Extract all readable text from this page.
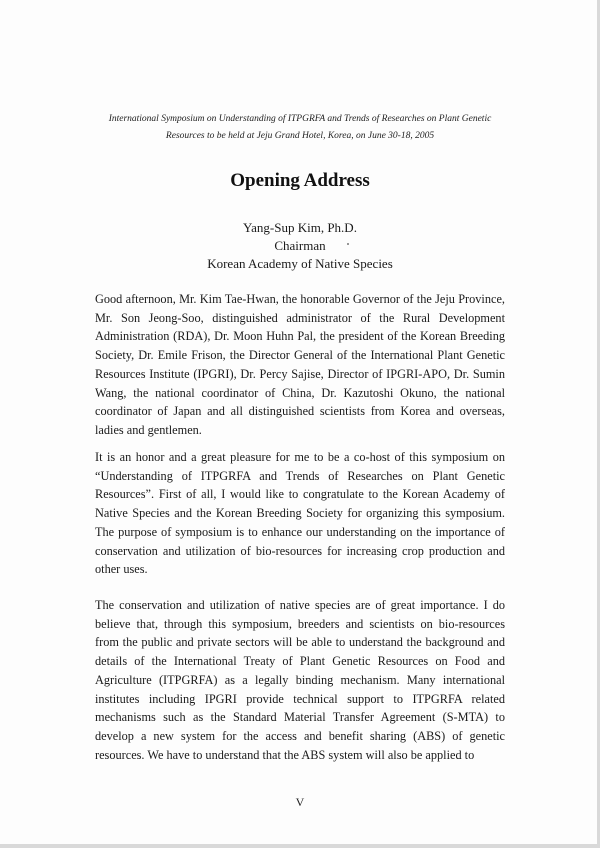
International Symposium on Understanding of ITPGRFA and Trends of Researches on Plant Genetic
Resources to be held at Jeju Grand Hotel, Korea, on June 30-18, 2005
Opening Address
Yang-Sup Kim, Ph.D.
Chairman
Korean Academy of Native Species
Good afternoon, Mr. Kim Tae-Hwan, the honorable Governor of the Jeju Province, Mr. Son Jeong-Soo, distinguished administrator of the Rural Development Administration (RDA), Dr. Moon Huhn Pal, the president of the Korean Breeding Society, Dr. Emile Frison, the Director General of the International Plant Genetic Resources Institute (IPGRI), Dr. Percy Sajise, Director of IPGRI-APO, Dr. Sumin Wang, the national coordinator of China, Dr. Kazutoshi Okuno, the national coordinator of Japan and all distinguished scientists from Korea and overseas, ladies and gentlemen.
It is an honor and a great pleasure for me to be a co-host of this symposium on “Understanding of ITPGRFA and Trends of Researches on Plant Genetic Resources”. First of all, I would like to congratulate to the Korean Academy of Native Species and the Korean Breeding Society for organizing this symposium. The purpose of symposium is to enhance our understanding on the importance of conservation and utilization of bio-resources for increasing crop production and other uses.
The conservation and utilization of native species are of great importance. I do believe that, through this symposium, breeders and scientists on bio-resources from the public and private sectors will be able to understand the background and details of the International Treaty of Plant Genetic Resources on Food and Agriculture (ITPGRFA) as a legally binding mechanism. Many international institutes including IPGRI provide technical support to ITPGRFA related mechanisms such as the Standard Material Transfer Agreement (S-MTA) to develop a new system for the access and benefit sharing (ABS) of genetic resources. We have to understand that the ABS system will also be applied to
V
